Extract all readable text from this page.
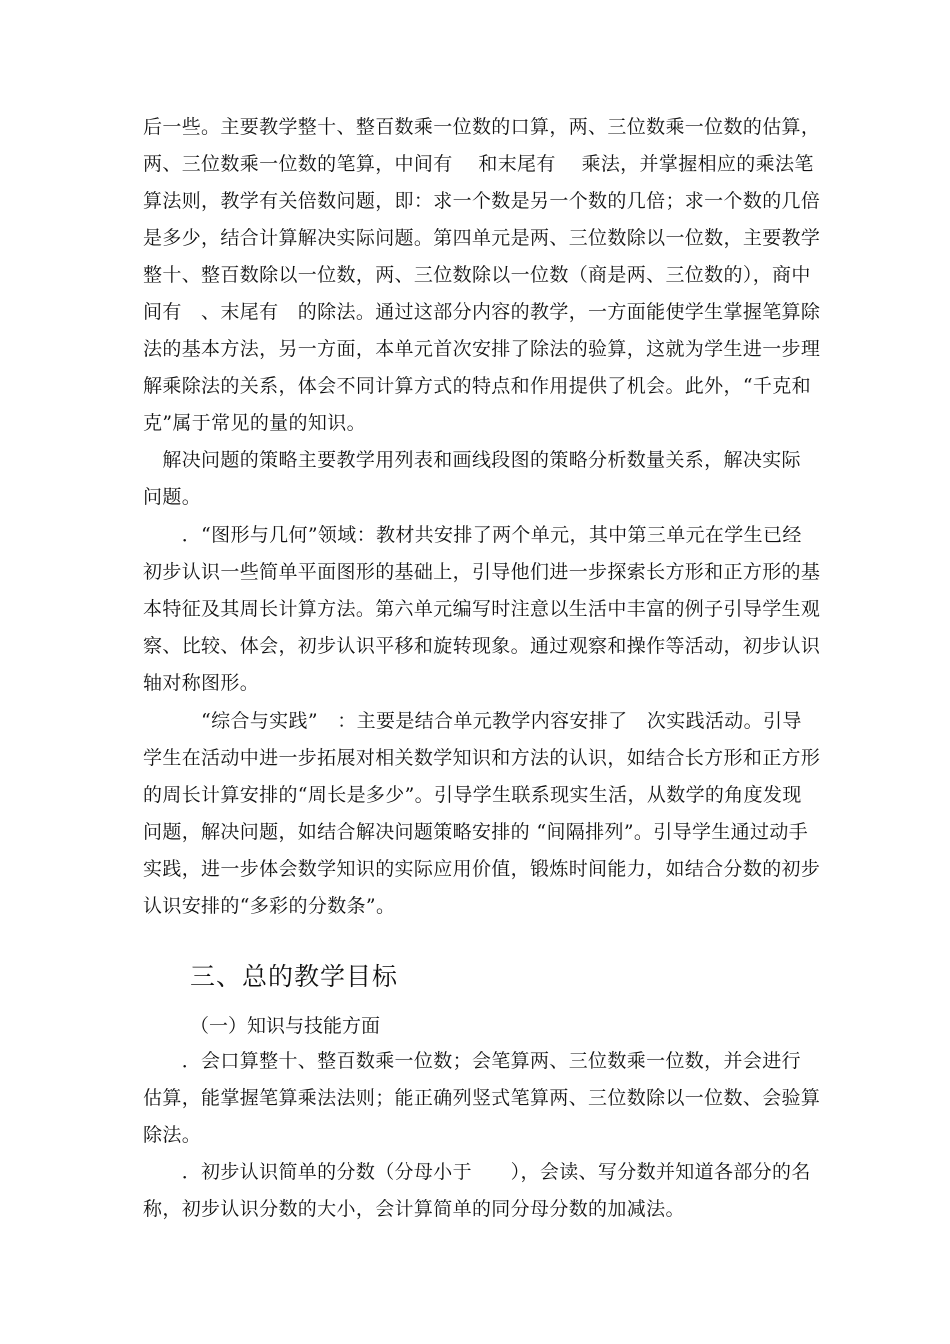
后一些。主要教学整十、整百数乘一位数的口算，两、三位数乘一位数的估算，
两、三位数乘一位数的笔算，中间有　 和末尾有　 乘法，并掌握相应的乘法笔
算法则，教学有关倍数问题，即：求一个数是另一个数的几倍；求一个数的几倍
是多少，结合计算解决实际问题。第四单元是两、三位数除以一位数，主要教学
整十、整百数除以一位数，两、三位数除以一位数（商是两、三位数的），商中
间有　、末尾有　的除法。通过这部分内容的教学，一方面能使学生掌握笔算除
法的基本方法，另一方面，本单元首次安排了除法的验算，这就为学生进一步理
解乘除法的关系，体会不同计算方式的特点和作用提供了机会。此外，“千克和
克”属于常见的量的知识。
　解决问题的策略主要教学用列表和画线段图的策略分析数量关系，解决实际
问题。
　　．“图形与几何”领域：教材共安排了两个单元，其中第三单元在学生已经
初步认识一些简单平面图形的基础上，引导他们进一步探索长方形和正方形的基
本特征及其周长计算方法。第六单元编写时注意以生活中丰富的例子引导学生观
察、比较、体会，初步认识平移和旋转现象。通过观察和操作等活动，初步认识
轴对称图形。
　　　“综合与实践”　：主要是结合单元教学内容安排了　次实践活动。引导
学生在活动中进一步拓展对相关数学知识和方法的认识，如结合长方形和正方形
的周长计算安排的“周长是多少”。引导学生联系现实生活，从数学的角度发现
问题，解决问题，如结合解决问题策略安排的 “间隔排列”。引导学生通过动手
实践，进一步体会数学知识的实际应用价值，锻炼时间能力，如结合分数的初步
认识安排的“多彩的分数条”。
三、总的教学目标
（一）知识与技能方面
　　．会口算整十、整百数乘一位数；会笔算两、三位数乘一位数，并会进行
估算，能掌握笔算乘法法则；能正确列竖式笔算两、三位数除以一位数、会验算
除法。
　　．初步认识简单的分数（分母小于　　），会读、写分数并知道各部分的名
称，初步认识分数的大小，会计算简单的同分母分数的加减法。
